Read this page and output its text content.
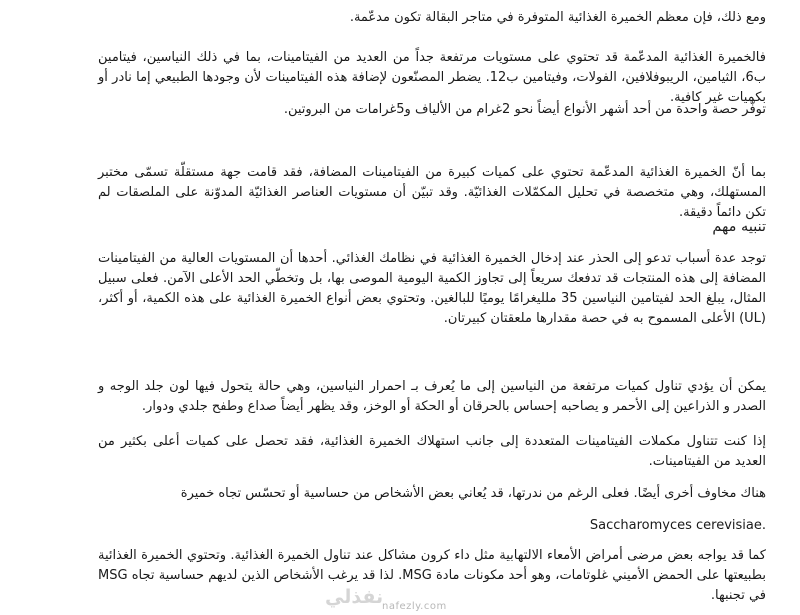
ومع ذلك، فإن معظم الخميرة الغذائية المتوفرة في متاجر البقالة تكون مدعّمة.

فالخميرة الغذائية المدعّمة قد تحتوي على مستويات مرتفعة جداً من العديد من الفيتامينات، بما في ذلك النياسين، فيتامين ب6، الثيامين، الريبوفلافين، الفولات، وفيتامين ب12. يضطر المصنّعون لإضافة هذه الفيتامينات لأن وجودها الطبيعي إما نادر أو بكميات غير كافية.

توفّر حصة واحدة من أحد أشهر الأنواع أيضاً نحو 2غرام من الألياف و5غرامات من البروتين.

بما أنّ الخميرة الغذائية المدعّمة تحتوي على كميات كبيرة من الفيتامينات المضافة، فقد قامت جهة مستقلّة تسمّى مختبر المستهلك، وهي متخصصة في تحليل المكمّلات الغذائيّة. وقد تبيّن أن مستويات العناصر الغذائيّة المدوّنة على الملصقات لم تكن دائماً دقيقة.

تنبيه مهم

توجد عدة أسباب تدعو إلى الحذر عند إدخال الخميرة الغذائية في نظامك الغذائي. أحدها أن المستويات العالية من الفيتامينات المضافة إلى هذه المنتجات قد تدفعك سريعاً إلى تجاوز الكمية اليومية الموصى بها، بل وتخطّي الحد الأعلى الآمن. فعلى سبيل المثال، يبلغ الحد لفيتامين النياسين 35 ملليغرامًا يوميًا للبالغين. وتحتوي بعض أنواع الخميرة الغذائية على هذه الكمية، أو أكثر، (UL) الأعلى المسموح به في حصة مقدارها ملعقتان كبيرتان.

يمكن أن يؤدي تناول كميات مرتفعة من النياسين إلى ما يُعرف بـ احمرار النياسين، وهي حالة يتحول فيها لون جلد الوجه و الصدر و الذراعين إلى الأحمر و يصاحبه إحساس بالحرقان أو الحكة أو الوخز، وقد يظهر أيضاً صداع وطفح جلدي ودوار.

إذا كنت تتناول مكملات الفيتامينات المتعددة إلى جانب استهلاك الخميرة الغذائية، فقد تحصل على كميات أعلى بكثير من العديد من الفيتامينات.

هناك مخاوف أخرى أيضًا. فعلى الرغم من ندرتها، قد يُعاني بعض الأشخاص من حساسية أو تحسّس تجاه خميرة

Saccharomyces cerevisiae.

كما قد يواجه بعض مرضى أمراض الأمعاء الالتهابية مثل داء كرون مشاكل عند تناول الخميرة الغذائية. وتحتوي الخميرة الغذائية بطبيعتها على الحمض الأميني غلوتامات، وهو أحد مكونات مادة MSG. لذا قد يرغب الأشخاص الذين لديهم حساسية تجاه MSG في تجنبها.

نفذلي
nafezly.com
